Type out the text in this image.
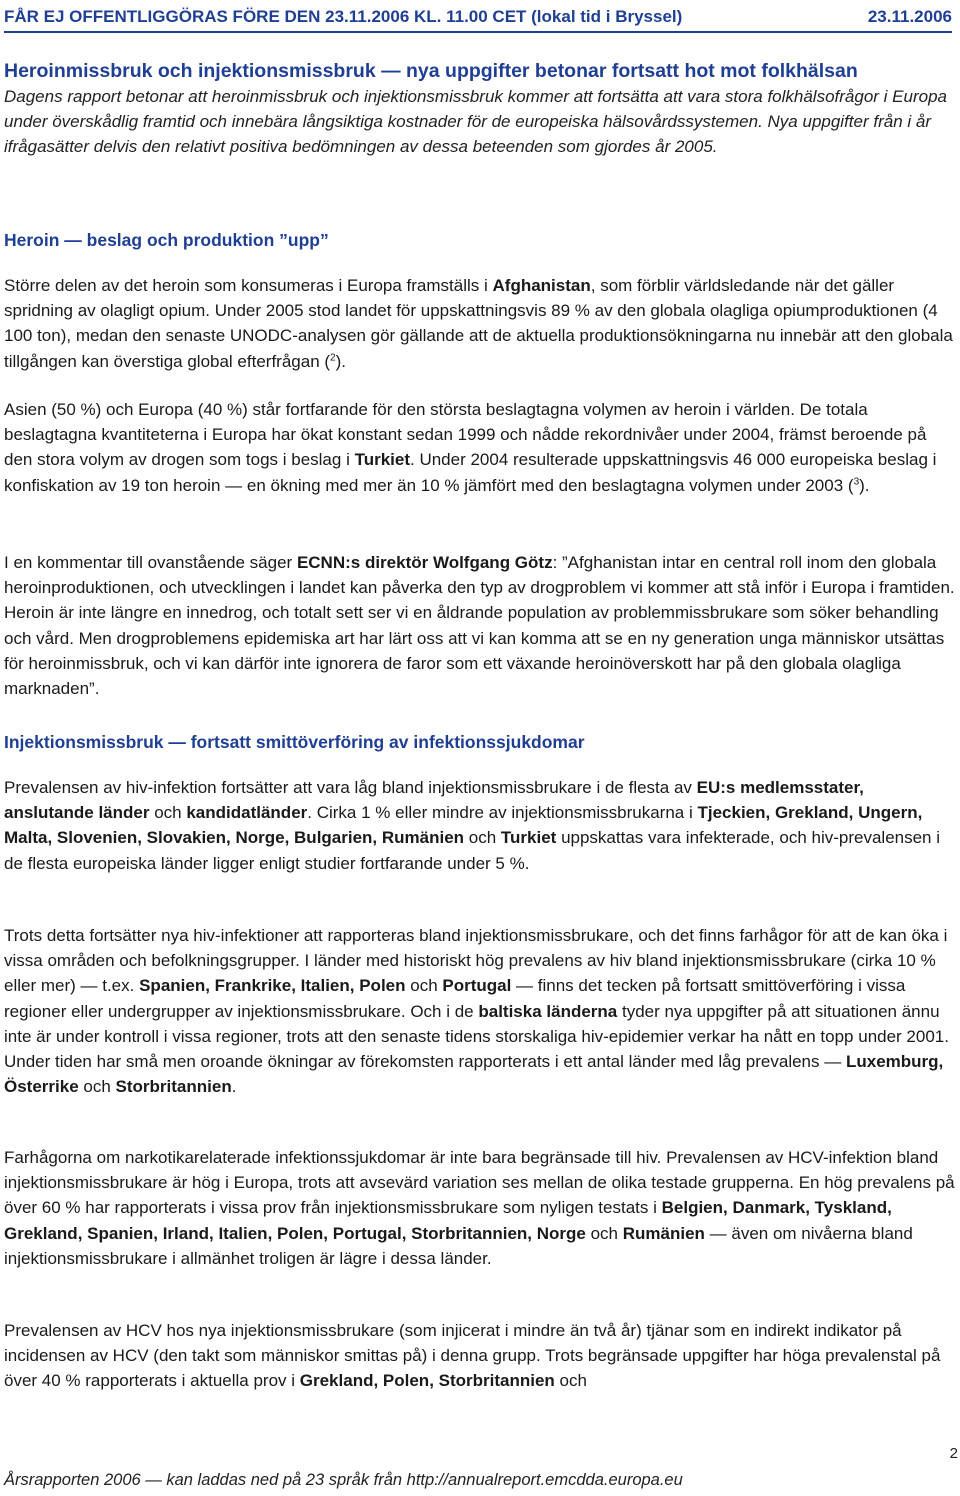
FÅR EJ OFFENTLIGGÖRAS FÖRE DEN 23.11.2006 KL. 11.00 CET (lokal tid i Bryssel)	23.11.2006
Heroinmissbruk och injektionsmissbruk — nya uppgifter betonar fortsatt hot mot folkhälsan

Dagens rapport betonar att heroinmissbruk och injektionsmissbruk kommer att fortsätta att vara stora folkhälsofrågor i Europa under överskådlig framtid och innebära långsiktiga kostnader för de europeiska hälsovårdssystemen. Nya uppgifter från i år ifrågasätter delvis den relativt positiva bedömningen av dessa beteenden som gjordes år 2005.

Heroin — beslag och produktion ”upp”

Större delen av det heroin som konsumeras i Europa framställs i Afghanistan, som förblir världsledande när det gäller spridning av olagligt opium. Under 2005 stod landet för uppskattningsvis 89 % av den globala olagliga opiumproduktionen (4 100 ton), medan den senaste UNODC-analysen gör gällande att de aktuella produktionsökningarna nu innebär att den globala tillgången kan överstiga global efterfrågan ($^2$).

Asien (50 %) och Europa (40 %) står fortfarande för den största beslagtagna volymen av heroin i världen. De totala beslagtagna kvantiteterna i Europa har ökat konstant sedan 1999 och nådde rekordnivåer under 2004, främst beroende på den stora volym av drogen som togs i beslag i Turkiet. Under 2004 resulterade uppskattningsvis 46 000 europeiska beslag i konfiskation av 19 ton heroin — en ökning med mer än 10 % jämfört med den beslagtagna volymen under 2003 ($^3$).

I en kommentar till ovanstående säger ECNN:s direktör Wolfgang Götz: ”Afghanistan intar en central roll inom den globala heroinproduktionen, och utvecklingen i landet kan påverka den typ av drogproblem vi kommer att stå inför i Europa i framtiden. Heroin är inte längre en innedrog, och totalt sett ser vi en åldrande population av problemmissbrukare som söker behandling och vård. Men drogproblemens epidemiska art har lärt oss att vi kan komma att se en ny generation unga människor utsättas för heroinmissbruk, och vi kan därför inte ignorera de faror som ett växande heroinöverskott har på den globala olagliga marknaden”.

Injektionsmissbruk — fortsatt smittöverföring av infektionssjukdomar

Prevalensen av hiv-infektion fortsätter att vara låg bland injektionsmissbrukare i de flesta av EU:s medlemsstater, anslutande länder och kandidatländer. Cirka 1 % eller mindre av injektionsmissbrukarna i Tjeckien, Grekland, Ungern, Malta, Slovenien, Slovakien, Norge, Bulgarien, Rumänien och Turkiet uppskattas vara infekterade, och hiv-prevalensen i de flesta europeiska länder ligger enligt studier fortfarande under 5 %.

Trots detta fortsätter nya hiv-infektioner att rapporteras bland injektionsmissbrukare, och det finns farhågor för att de kan öka i vissa områden och befolkningsgrupper. I länder med historiskt hög prevalens av hiv bland injektionsmissbrukare (cirka 10 % eller mer) — t.ex. Spanien, Frankrike, Italien, Polen och Portugal — finns det tecken på fortsatt smittöverföring i vissa regioner eller undergrupper av injektionsmissbrukare. Och i de baltiska länderna tyder nya uppgifter på att situationen ännu inte är under kontroll i vissa regioner, trots att den senaste tidens storskaliga hiv-epidemier verkar ha nått en topp under 2001. Under tiden har små men oroande ökningar av förekomsten rapporterats i ett antal länder med låg prevalens — Luxemburg, Österrike och Storbritannien.

Farhågorna om narkotikarelaterade infektionssjukdomar är inte bara begränsade till hiv. Prevalensen av HCV-infektion bland injektionsmissbrukare är hög i Europa, trots att avsevärd variation ses mellan de olika testade grupperna. En hög prevalens på över 60 % har rapporterats i vissa prov från injektionsmissbrukare som nyligen testats i Belgien, Danmark, Tyskland, Grekland, Spanien, Irland, Italien, Polen, Portugal, Storbritannien, Norge och Rumänien — även om nivåerna bland injektionsmissbrukare i allmänhet troligen är lägre i dessa länder.

Prevalensen av HCV hos nya injektionsmissbrukare (som injicerat i mindre än två år) tjänar som en indirekt indikator på incidensen av HCV (den takt som människor smittas på) i denna grupp. Trots begränsade uppgifter har höga prevalenstal på över 40 % rapporterats i aktuella prov i Grekland, Polen, Storbritannien och

2
Årsrapporten 2006 — kan laddas ned på 23 språk från http://annualreport.emcdda.europa.eu
